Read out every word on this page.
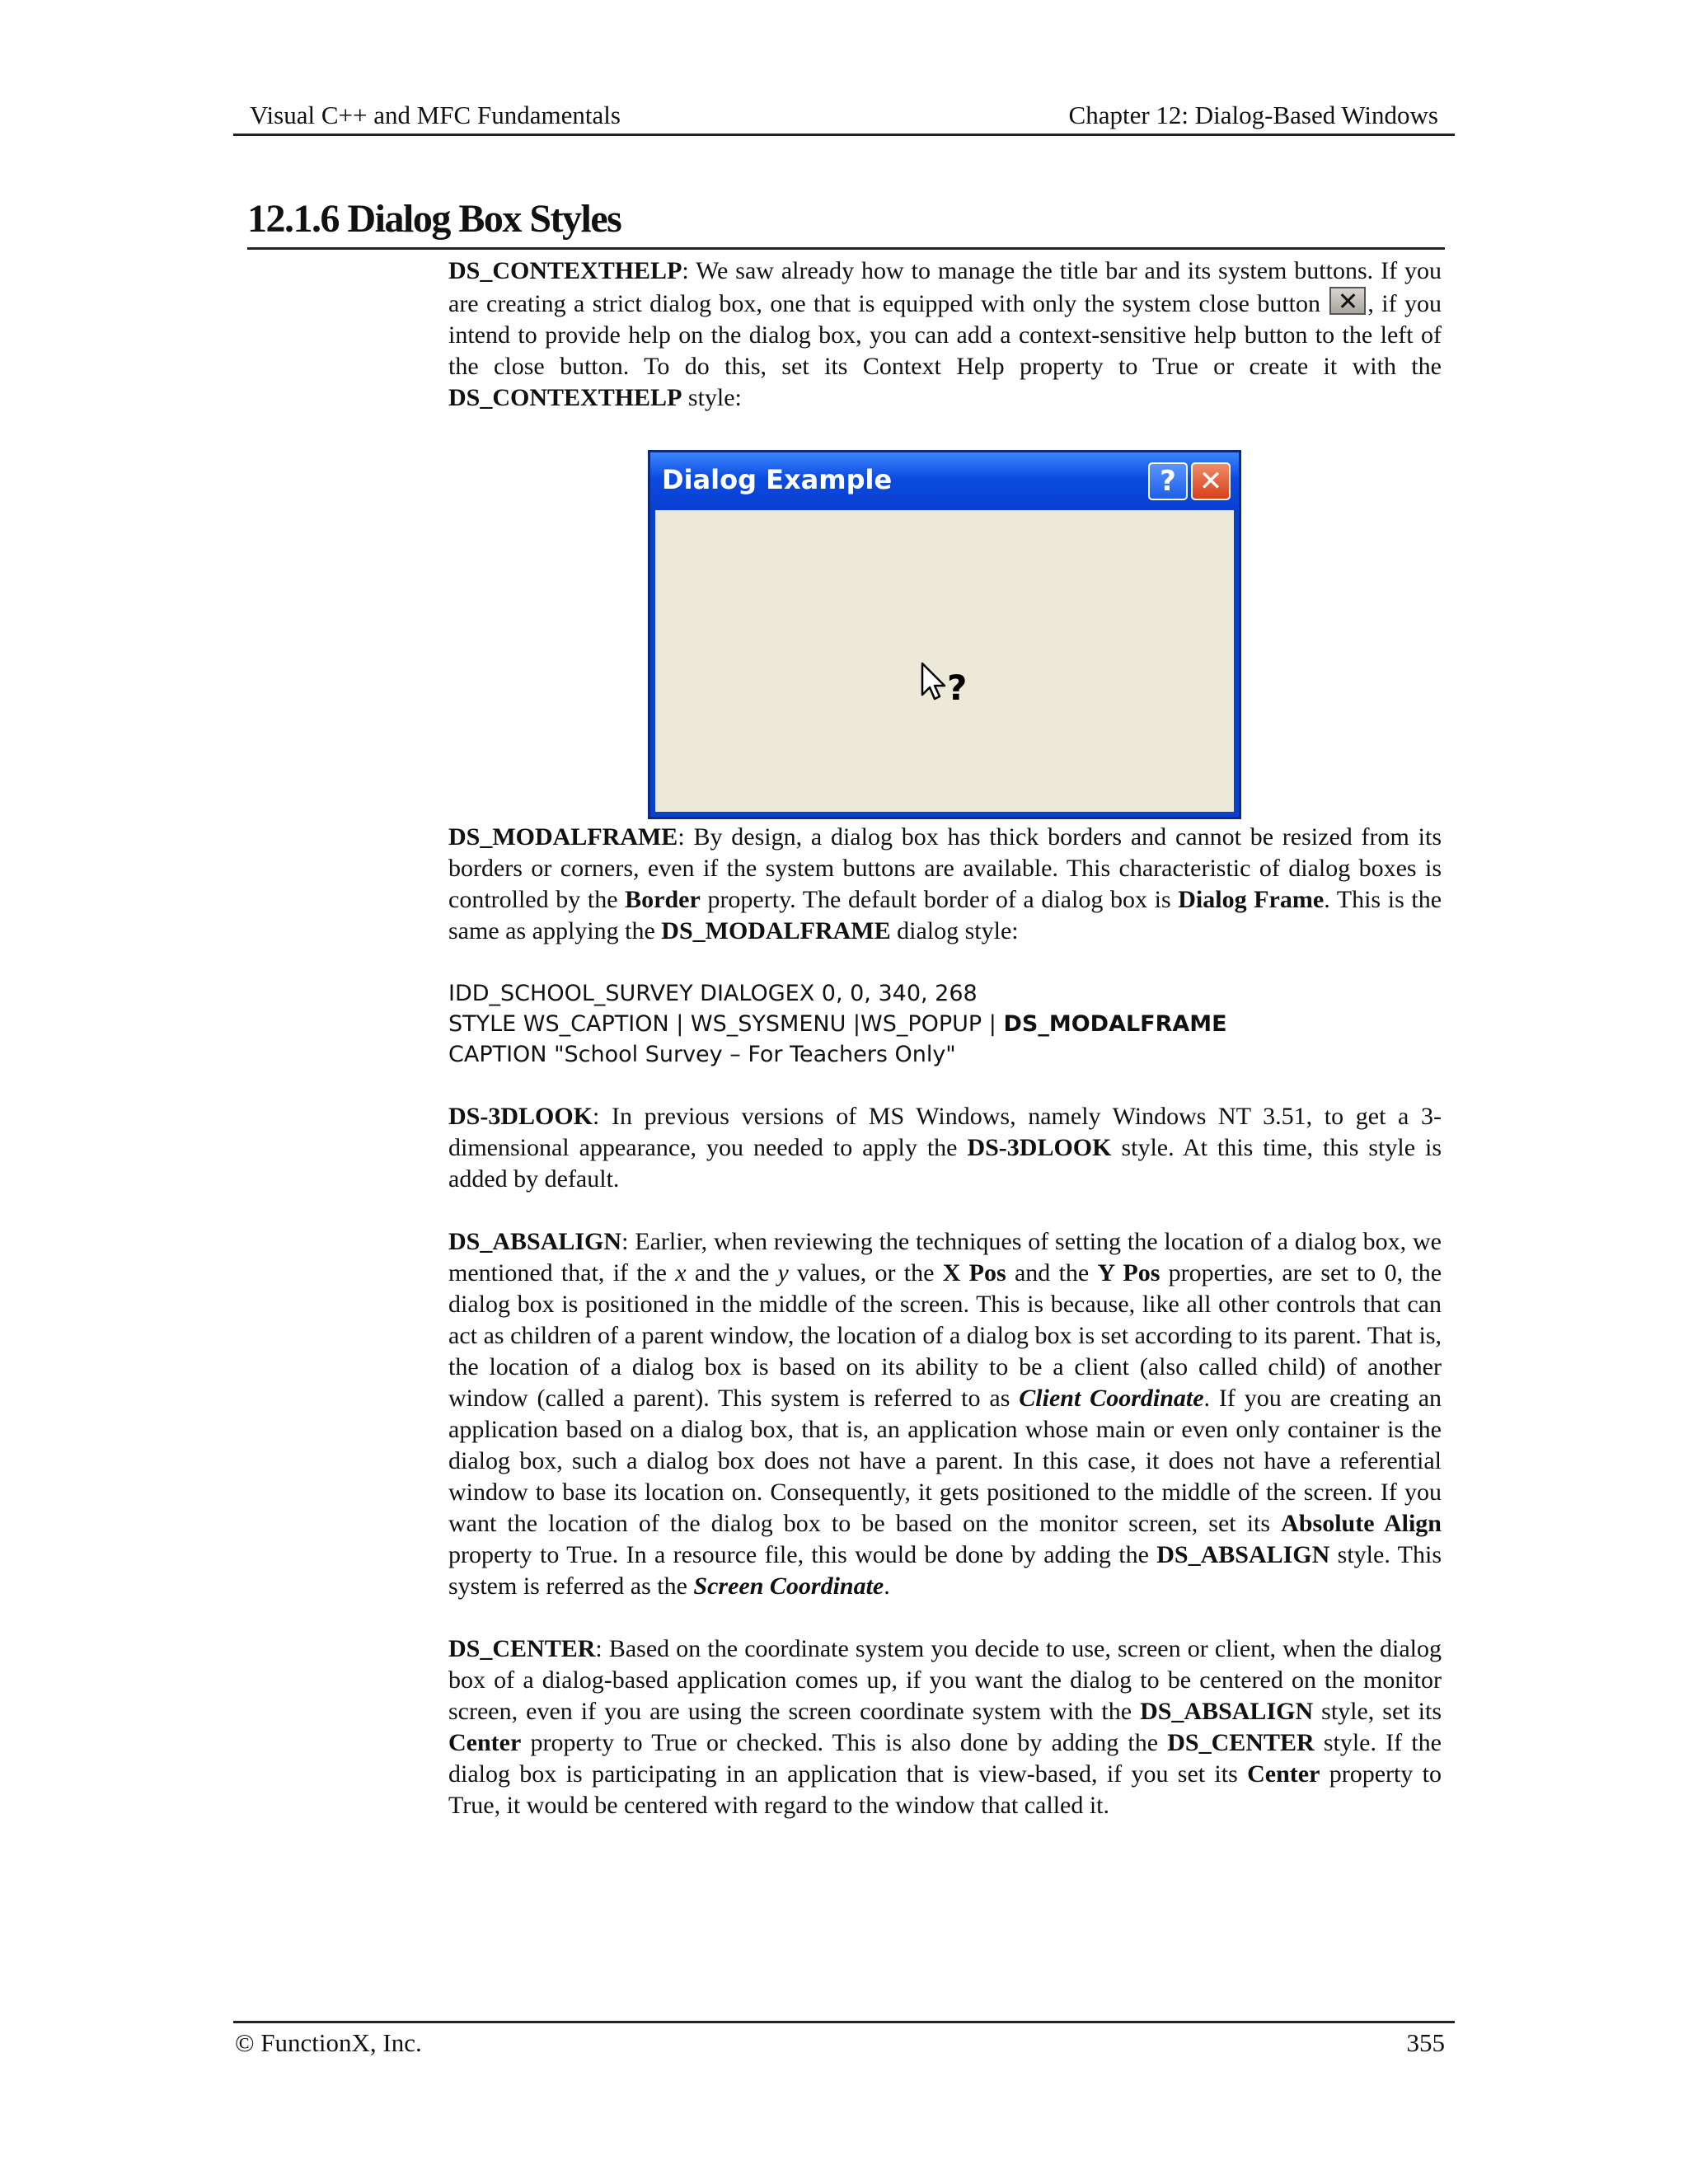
Visual C++ and MFC Fundamentals	Chapter 12: Dialog-Based Windows
12.1.6 Dialog Box Styles

DS_CONTEXTHELP: We saw already how to manage the title bar and its system buttons. If you are creating a strict dialog box, one that is equipped with only the system close button , if you intend to provide help on the dialog box, you can add a context-sensitive help button to the left of the close button. To do this, set its Context Help property to True or create it with the DS_CONTEXTHELP style:

Dialog Example	? ✕
?

DS_MODALFRAME: By design, a dialog box has thick borders and cannot be resized from its borders or corners, even if the system buttons are available. This characteristic of dialog boxes is controlled by the Border property. The default border of a dialog box is Dialog Frame. This is the same as applying the DS_MODALFRAME dialog style:

IDD_SCHOOL_SURVEY DIALOGEX 0, 0, 340, 268
STYLE WS_CAPTION | WS_SYSMENU |WS_POPUP | DS_MODALFRAME
CAPTION "School Survey – For Teachers Only"

DS-3DLOOK: In previous versions of MS Windows, namely Windows NT 3.51, to get a 3-dimensional appearance, you needed to apply the DS-3DLOOK style. At this time, this style is added by default.

DS_ABSALIGN: Earlier, when reviewing the techniques of setting the location of a dialog box, we mentioned that, if the x and the y values, or the X Pos and the Y Pos properties, are set to 0, the dialog box is positioned in the middle of the screen. This is because, like all other controls that can act as children of a parent window, the location of a dialog box is set according to its parent. That is, the location of a dialog box is based on its ability to be a client (also called child) of another window (called a parent). This system is referred to as Client Coordinate. If you are creating an application based on a dialog box, that is, an application whose main or even only container is the dialog box, such a dialog box does not have a parent. In this case, it does not have a referential window to base its location on. Consequently, it gets positioned to the middle of the screen. If you want the location of the dialog box to be based on the monitor screen, set its Absolute Align property to True. In a resource file, this would be done by adding the DS_ABSALIGN style. This system is referred as the Screen Coordinate.

DS_CENTER: Based on the coordinate system you decide to use, screen or client, when the dialog box of a dialog-based application comes up, if you want the dialog to be centered on the monitor screen, even if you are using the screen coordinate system with the DS_ABSALIGN style, set its Center property to True or checked. This is also done by adding the DS_CENTER style. If the dialog box is participating in an application that is view-based, if you set its Center property to True, it would be centered with regard to the window that called it.

© FunctionX, Inc.	355
